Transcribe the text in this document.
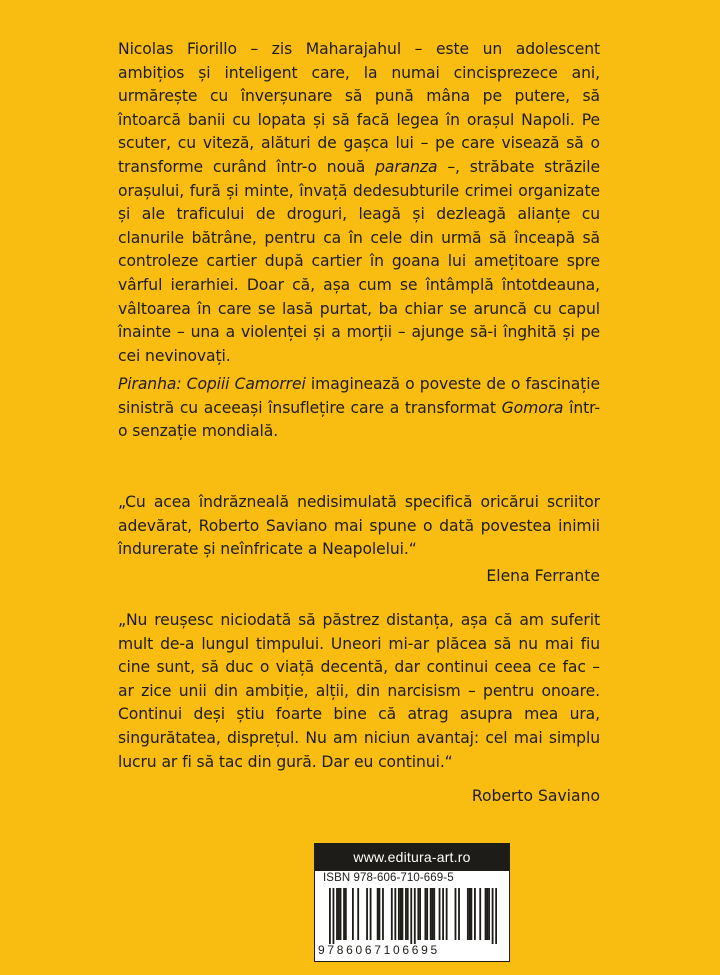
Nicolas Fiorillo – zis Maharajahul – este un adolescent ambițios și inteligent care, la numai cincisprezece ani, urmărește cu înverșunare să pună mâna pe putere, să întoarcă banii cu lopata și să facă legea în orașul Napoli. Pe scuter, cu viteză, alături de gașca lui – pe care visează să o transforme curând într-o nouă paranza –, străbate străzile orașului, fură și minte, învață dedesubturile crimei organizate și ale traficului de droguri, leagă și dezleagă alianțe cu clanurile bătrâne, pentru ca în cele din urmă să înceapă să controleze cartier după cartier în goana lui amețitoare spre vârful ierarhiei. Doar că, așa cum se întâmplă întotdeauna, vâltoarea în care se lasă purtat, ba chiar se aruncă cu capul înainte – una a violenței și a morții – ajunge să-i înghită și pe cei nevinovați.

Piranha: Copiii Camorrei imaginează o poveste de o fascinație sinistră cu aceeași însuflețire care a transformat Gomora într-o senzație mondială.

„Cu acea îndrăzneală nedisimulată specifică oricărui scriitor adevărat, Roberto Saviano mai spune o dată povestea inimii îndurerate și neînfricate a Neapolelui.“

Elena Ferrante

„Nu reușesc niciodată să păstrez distanța, așa că am suferit mult de-a lungul timpului. Uneori mi-ar plăcea să nu mai fiu cine sunt, să duc o viață decentă, dar continui ceea ce fac – ar zice unii din ambiție, alții, din narcisism – pentru onoare. Continui deși știu foarte bine că atrag asupra mea ura, singurătatea, disprețul. Nu am niciun avantaj: cel mai simplu lucru ar fi să tac din gură. Dar eu continui.“

Roberto Saviano

www.editura-art.ro
ISBN 978-606-710-669-5
9786067106695
